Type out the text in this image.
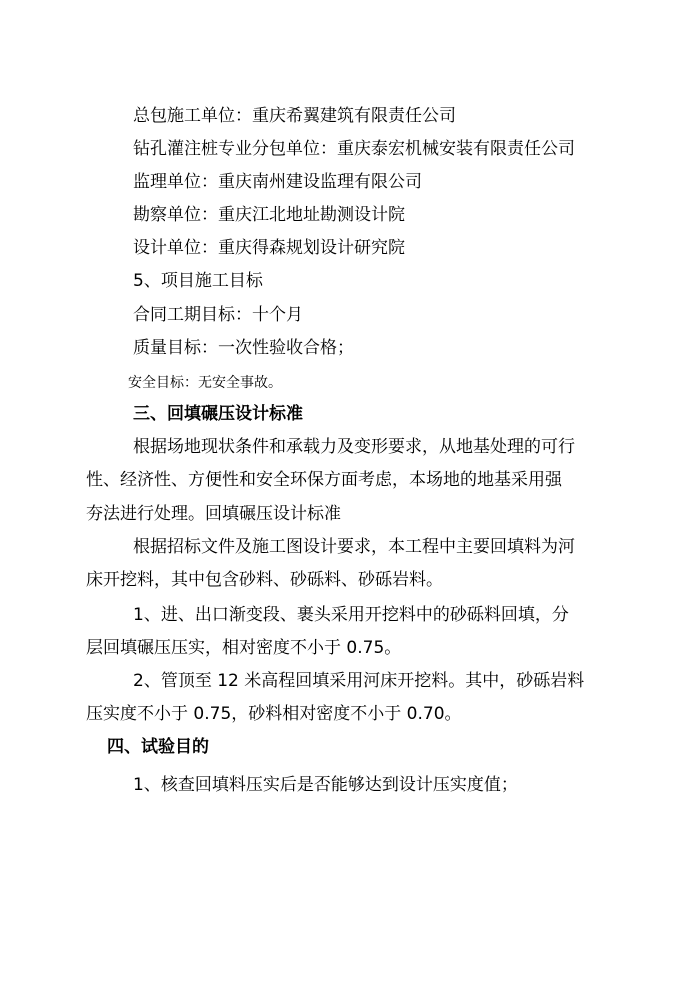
总包施工单位：重庆希翼建筑有限责任公司
钻孔灌注桩专业分包单位：重庆泰宏机械安装有限责任公司
监理单位：重庆南州建设监理有限公司
勘察单位：重庆江北地址勘测设计院
设计单位：重庆得森规划设计研究院
5、项目施工目标
合同工期目标：十个月
质量目标：一次性验收合格；
安全目标：无安全事故。
三、回填碾压设计标准
根据场地现状条件和承载力及变形要求，从地基处理的可行
性、经济性、方便性和安全环保方面考虑，本场地的地基采用强
夯法进行处理。回填碾压设计标准
根据招标文件及施工图设计要求，本工程中主要回填料为河
床开挖料，其中包含砂料、砂砾料、砂砾岩料。
1、进、出口渐变段、裹头采用开挖料中的砂砾料回填，分
层回填碾压压实，相对密度不小于 0.75。
2、管顶至 12 米高程回填采用河床开挖料。其中，砂砾岩料
压实度不小于 0.75，砂料相对密度不小于 0.70。
四、试验目的
1、核查回填料压实后是否能够达到设计压实度值；
